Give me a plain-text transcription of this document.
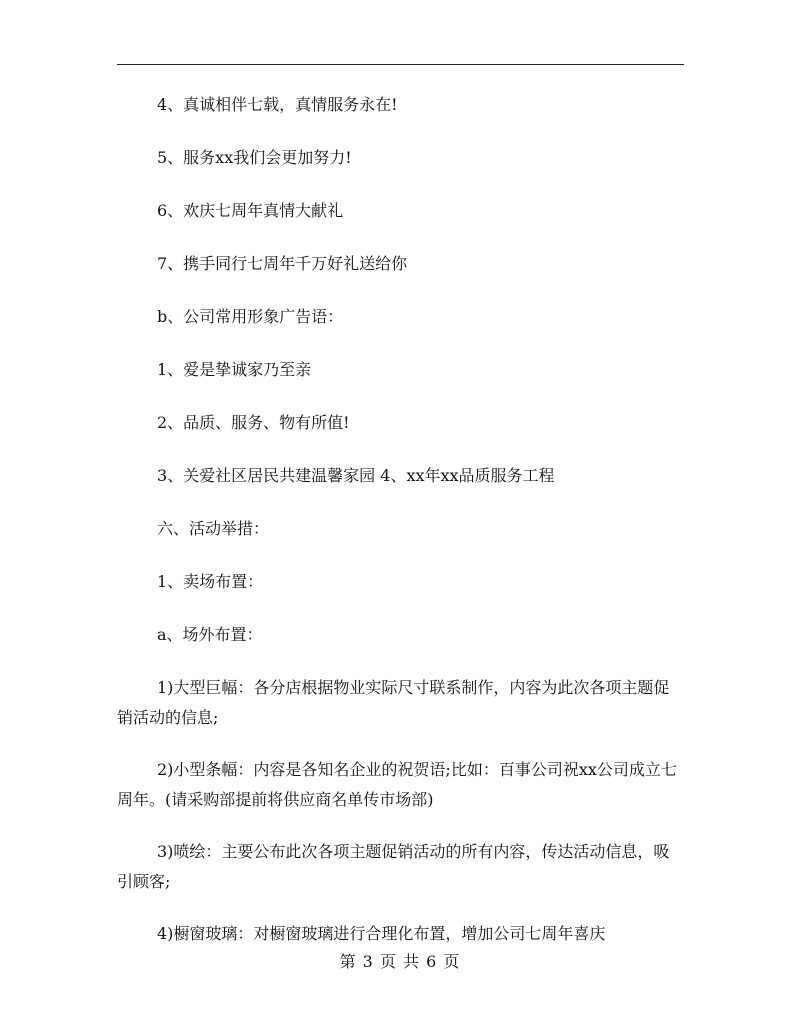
4、真诚相伴七载，真情服务永在!

5、服务xx我们会更加努力!

6、欢庆七周年真情大献礼

7、携手同行七周年千万好礼送给你

b、公司常用形象广告语：

1、爱是挚诚家乃至亲

2、品质、服务、物有所值!

3、关爱社区居民共建温馨家园 4、xx年xx品质服务工程

六、活动举措：

1、卖场布置：

a、场外布置：

1)大型巨幅：各分店根据物业实际尺寸联系制作，内容为此次各项主题促销活动的信息;

2)小型条幅：内容是各知名企业的祝贺语;比如：百事公司祝xx公司成立七周年。(请采购部提前将供应商名单传市场部)

3)喷绘：主要公布此次各项主题促销活动的所有内容，传达活动信息，吸引顾客;

4)橱窗玻璃：对橱窗玻璃进行合理化布置，增加公司七周年喜庆

第 3 页 共 6 页
